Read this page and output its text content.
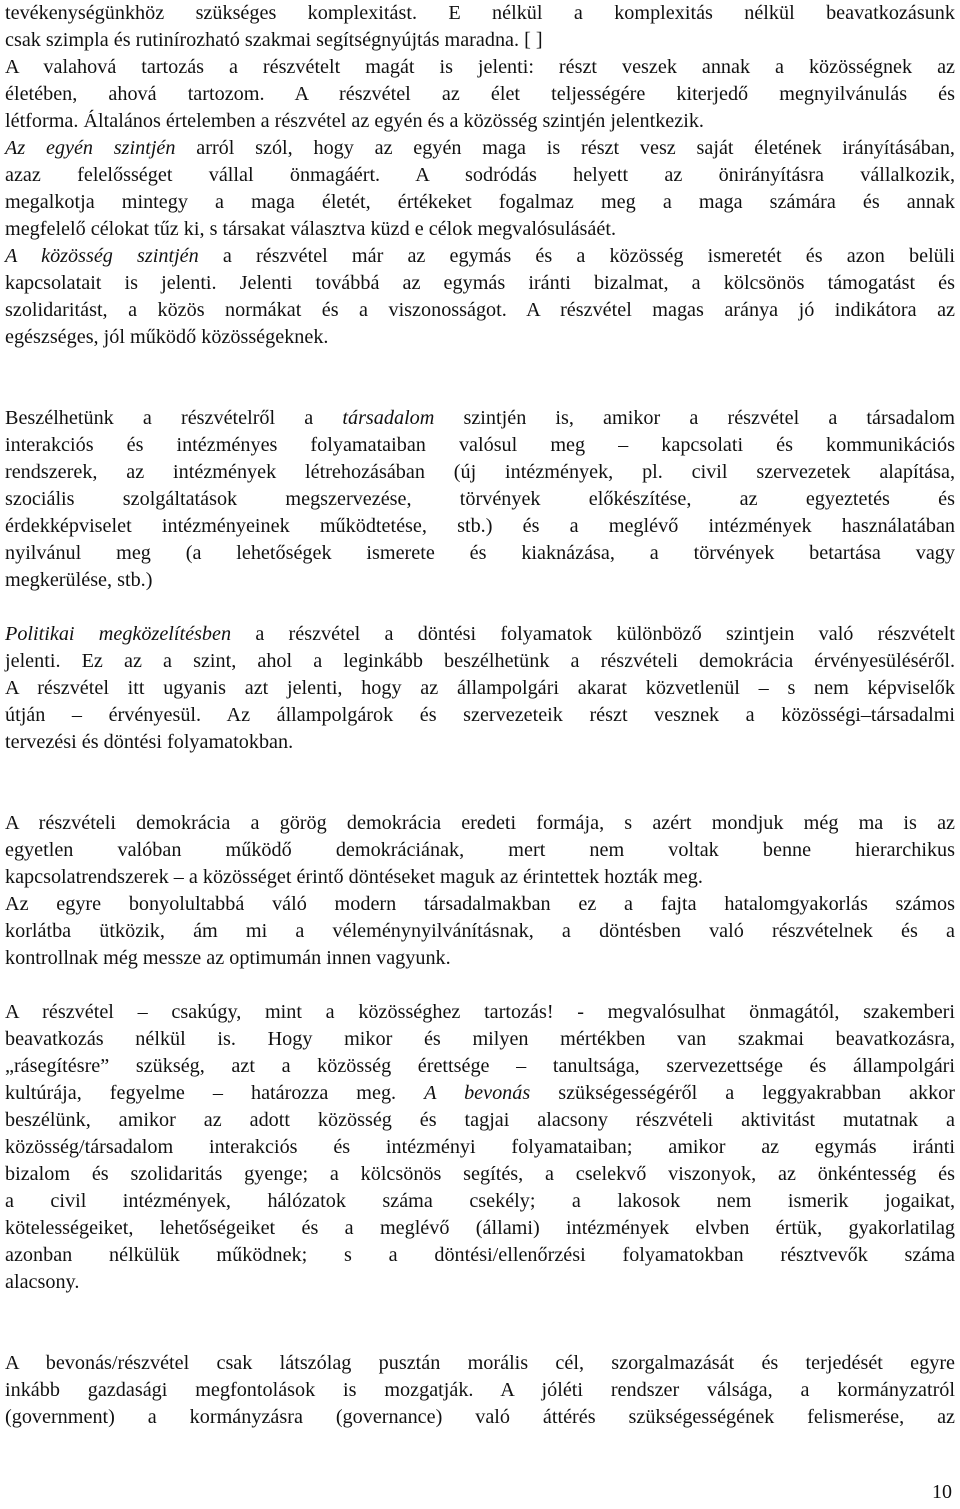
tevékenységünkhöz szükséges komplexitást. E nélkül a komplexitás nélkül beavatkozásunk
csak szimpla és rutinírozható szakmai segítségnyújtás maradna. [ ]
A valahová tartozás a részvételt magát is jelenti: részt veszek annak a közösségnek az
életében, ahová tartozom. A részvétel az élet teljességére kiterjedő megnyilvánulás és
létforma. Általános értelemben a részvétel az egyén és a közösség szintjén jelentkezik.
Az egyén szintjén arról szól, hogy az egyén maga is részt vesz saját életének irányításában,
azaz felelősséget vállal önmagáért. A sodródás helyett az önirányításra vállalkozik,
megalkotja mintegy a maga életét, értékeket fogalmaz meg a maga számára és annak
megfelelő célokat tűz ki, s társakat választva küzd e célok megvalósulásáét.
A közösség szintjén a részvétel már az egymás és a közösség ismeretét és azon belüli
kapcsolatait is jelenti. Jelenti továbbá az egymás iránti bizalmat, a kölcsönös támogatást és
szolidaritást, a közös normákat és a viszonosságot. A részvétel magas aránya jó indikátora az
egészséges, jól működő közösségeknek.
Beszélhetünk a részvételről a társadalom szintjén is, amikor a részvétel a társadalom
interakciós és intézményes folyamataiban valósul meg – kapcsolati és kommunikációs
rendszerek, az intézmények létrehozásában (új intézmények, pl. civil szervezetek alapítása,
szociális szolgáltatások megszervezése, törvények előkészítése, az egyeztetés és
érdekképviselet intézményeinek működtetése, stb.) és a meglévő intézmények használatában
nyilvánul meg (a lehetőségek ismerete és kiaknázása, a törvények betartása vagy
megkerülése, stb.)
Politikai megközelítésben a részvétel a döntési folyamatok különböző szintjein való részvételt
jelenti. Ez az a szint, ahol a leginkább beszélhetünk a részvételi demokrácia érvényesüléséről.
A részvétel itt ugyanis azt jelenti, hogy az állampolgári akarat közvetlenül – s nem képviselők
útján – érvényesül. Az állampolgárok és szervezeteik részt vesznek a közösségi–társadalmi
tervezési és döntési folyamatokban.
A részvételi demokrácia a görög demokrácia eredeti formája, s azért mondjuk még ma is az
egyetlen valóban működő demokráciának, mert nem voltak benne hierarchikus
kapcsolatrendszerek – a közösséget érintő döntéseket maguk az érintettek hozták meg.
Az egyre bonyolultabbá váló modern társadalmakban ez a fajta hatalomgyakorlás számos
korlátba ütközik, ám mi a véleménynyilvánításnak, a döntésben való részvételnek és a
kontrollnak még messze az optimumán innen vagyunk.
A részvétel – csakúgy, mint a közösséghez tartozás! - megvalósulhat önmagától, szakemberi
beavatkozás nélkül is. Hogy mikor és milyen mértékben van szakmai beavatkozásra,
„rásegítésre” szükség, azt a közösség érettsége – tanultsága, szervezettsége és állampolgári
kultúrája, fegyelme – határozza meg. A bevonás szükségességéről a leggyakrabban akkor
beszélünk, amikor az adott közösség és tagjai alacsony részvételi aktivitást mutatnak a
közösség/társadalom interakciós és intézményi folyamataiban; amikor az egymás iránti
bizalom és szolidaritás gyenge; a kölcsönös segítés, a cselekvő viszonyok, az önkéntesség és
a civil intézmények, hálózatok száma csekély; a lakosok nem ismerik jogaikat,
kötelességeiket, lehetőségeiket és a meglévő (állami) intézmények elvben értük, gyakorlatilag
azonban nélkülük működnek; s a döntési/ellenőrzési folyamatokban résztvevők száma
alacsony.
A bevonás/részvétel csak látszólag pusztán morális cél, szorgalmazását és terjedését egyre
inkább gazdasági megfontolások is mozgatják. A jóléti rendszer válsága, a kormányzatról
(government) a kormányzásra (governance) való áttérés szükségességének felismerése, az
10
